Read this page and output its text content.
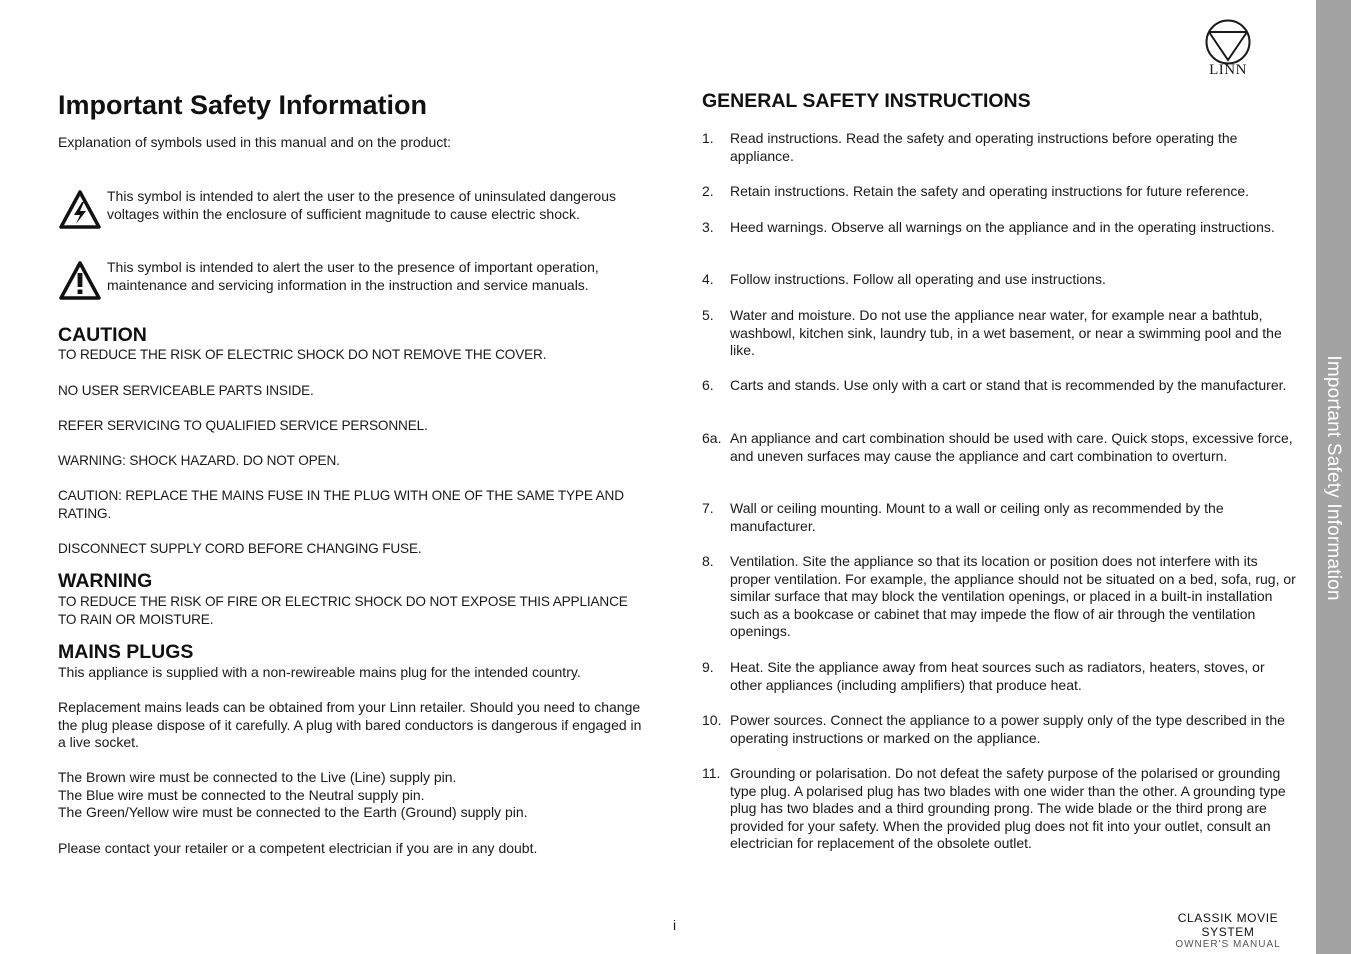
Important Safety Information
LINN
Important Safety Information
Explanation of symbols used in this manual and on the product:
This symbol is intended to alert the user to the presence of uninsulated dangerous voltages within the enclosure of sufficient magnitude to cause electric shock.
This symbol is intended to alert the user to the presence of important operation, maintenance and servicing information in the instruction and service manuals.
CAUTION
TO REDUCE THE RISK OF ELECTRIC SHOCK DO NOT REMOVE THE COVER.
NO USER SERVICEABLE PARTS INSIDE.
REFER SERVICING TO QUALIFIED SERVICE PERSONNEL.
WARNING: SHOCK HAZARD. DO NOT OPEN.
CAUTION: REPLACE THE MAINS FUSE IN THE PLUG WITH ONE OF THE SAME TYPE AND RATING.
DISCONNECT SUPPLY CORD BEFORE CHANGING FUSE.
WARNING
TO REDUCE THE RISK OF FIRE OR ELECTRIC SHOCK DO NOT EXPOSE THIS APPLIANCE TO RAIN OR MOISTURE.
MAINS PLUGS
This appliance is supplied with a non-rewireable mains plug for the intended country.
Replacement mains leads can be obtained from your Linn retailer. Should you need to change the plug please dispose of it carefully. A plug with bared conductors is dangerous if engaged in a live socket.
The Brown wire must be connected to the Live (Line) supply pin.
The Blue wire must be connected to the Neutral supply pin.
The Green/Yellow wire must be connected to the Earth (Ground) supply pin.
Please contact your retailer or a competent electrician if you are in any doubt.
GENERAL SAFETY INSTRUCTIONS
1.	Read instructions. Read the safety and operating instructions before operating the appliance.
2.	Retain instructions. Retain the safety and operating instructions for future reference.
3.	Heed warnings. Observe all warnings on the appliance and in the operating instructions.
4.	Follow instructions. Follow all operating and use instructions.
5.	Water and moisture. Do not use the appliance near water, for example near a bathtub, washbowl, kitchen sink, laundry tub, in a wet basement, or near a swimming pool and the like.
6.	Carts and stands. Use only with a cart or stand that is recommended by the manufacturer.
6a. An appliance and cart combination should be used with care. Quick stops, excessive force, and uneven surfaces may cause the appliance and cart combination to overturn.
7.	Wall or ceiling mounting. Mount to a wall or ceiling only as recommended by the manufacturer.
8.	Ventilation. Site the appliance so that its location or position does not interfere with its proper ventilation. For example, the appliance should not be situated on a bed, sofa, rug, or similar surface that may block the ventilation openings, or placed in a built-in installation such as a bookcase or cabinet that may impede the flow of air through the ventilation openings.
9.	Heat. Site the appliance away from heat sources such as radiators, heaters, stoves, or other appliances (including amplifiers) that produce heat.
10. Power sources. Connect the appliance to a power supply only of the type described in the operating instructions or marked on the appliance.
11. Grounding or polarisation. Do not defeat the safety purpose of the polarised or grounding type plug. A polarised plug has two blades with one wider than the other. A grounding type plug has two blades and a third grounding prong. The wide blade or the third prong are provided for your safety. When the provided plug does not fit into your outlet, consult an electrician for replacement of the obsolete outlet.
i	CLASSIK MOVIE SYSTEM
OWNER'S MANUAL
